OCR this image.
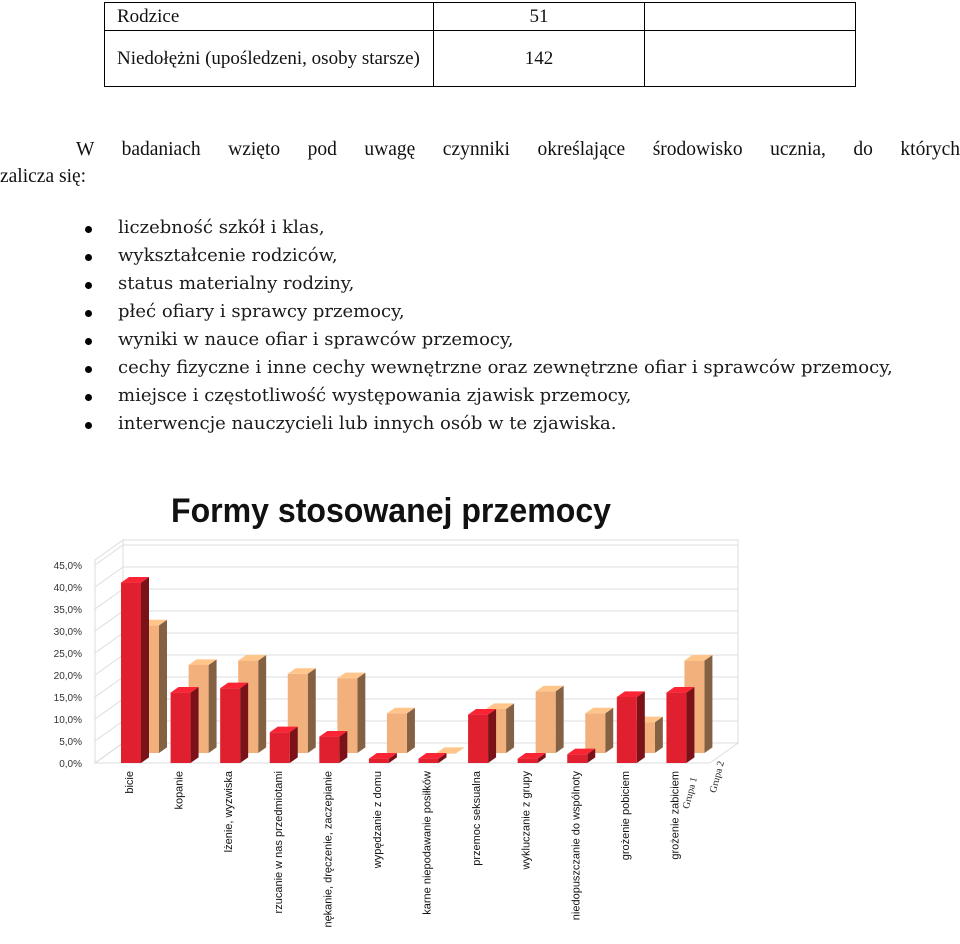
Rodzice	51	
Niedołężni (upośledzeni, osoby starsze)	142	
W badaniach wzięto pod uwagę czynniki określające środowisko ucznia, do których
zalicza się:
liczebność szkół i klas,
wykształcenie rodziców,
status materialny rodziny,
płeć ofiary i sprawcy przemocy,
wyniki w nauce ofiar i sprawców przemocy,
cechy fizyczne i inne cechy wewnętrzne oraz zewnętrzne ofiar i sprawców przemocy,
miejsce i częstotliwość występowania zjawisk przemocy,
interwencje nauczycieli lub innych osób w te zjawiska.
Formy stosowanej przemocy
0,0%
5,0%
10,0%
15,0%
20,0%
25,0%
30,0%
35,0%
40,0%
45,0%
bicie	kopanie	lżenie, wyzwiska	rzucanie w nas przedmiotami	nękanie, dręczenie, zaczepianie	wypędzanie z domu	karne niepodawanie posiłków	przemoc seksualna	wykluczanie z grupy	niedopuszczanie do wspólnoty	grożenie pobiciem	grożenie zabiciem Grupa 1 Grupa 2
